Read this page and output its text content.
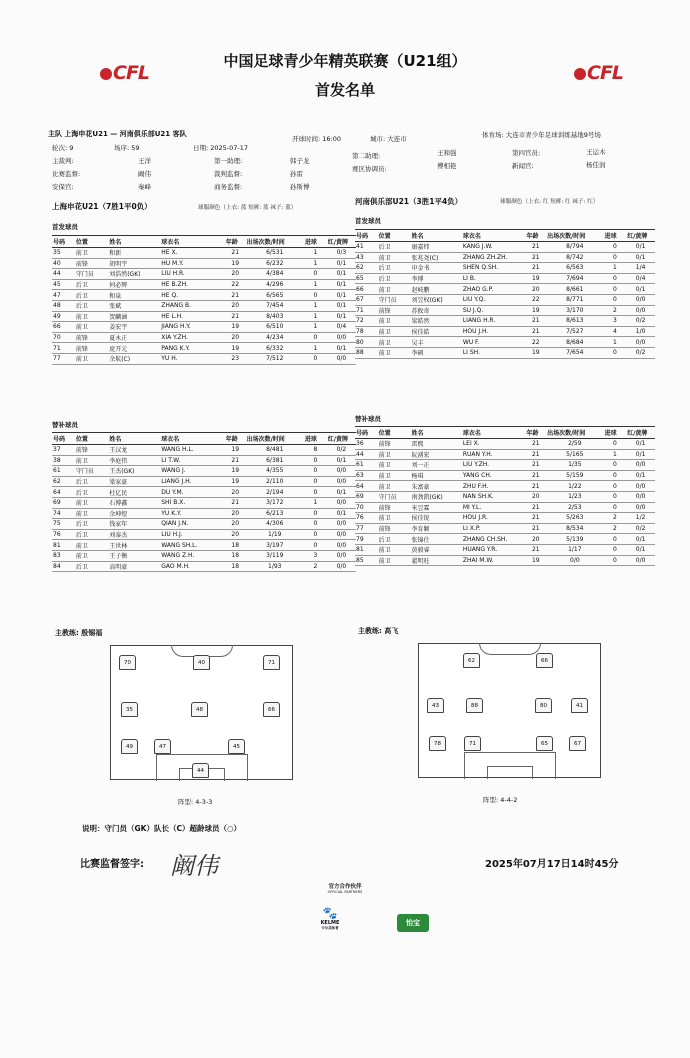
CFL	CFL
中国足球青少年精英联赛（U21组）
首发名单
主队 上海申花U21 — 河南俱乐部U21 客队	体育场: 大连市青少年足球训练基地9号场
轮次: 9	场序: 59	日期: 2025-07-17
开球时间: 16:00	城市: 大连市
主裁判:	王洋	第一助理:	韩子龙
第二助理:	王和强	第四官员:	王运木
比赛监督:	阚伟	裁判监督:	孙雷
赛区协调员:	傅相艳	新闻官:	杨佳润
安保官:	秦峰	商务监督:	孙斯博
上海申花U21（7胜1平0负）	球服颜色（上衣: 蓝 短裤: 蓝 袜子: 蓝）
河南俱乐部U21（3胜1平4负）	球服颜色（上衣: 红 短裤: 红 袜子: 红）
首发球员
首发球员
替补球员
替补球员
号码	位置	姓名	球衣名	年龄	出场次数/时间	进球	红/黄牌
35	前卫	和新	HE X.	21	6/531	1	0/3
40	前锋	胡明宇	HU M.Y.	19	6/232	1	0/1
44	守门员	刘浩然(GK)	LIU H.R.	20	4/384	0	0/1
45	后卫	何必辉	HE B.ZH.	22	4/296	1	0/1
47	后卫	和泉	HE Q.	21	6/565	0	0/1
48	后卫	张斌	ZHANG B.	20	7/454	1	0/1
49	前卫	贺麟涵	HE L.H.	21	8/403	1	0/1
66	前卫	姜宏宇	JIANG H.Y.	19	6/510	1	0/4
70	前锋	夏永正	XIA Y.ZH.	20	4/234	0	0/0
71	前锋	庞开元	PANG K.Y.	19	6/332	1	0/1
77	前卫	余航(C)	YU H.	23	7/512	0	0/0
号码	位置	姓名	球衣名	年龄	出场次数/时间	进球	红/黄牌
37	前锋	王汉龙	WANG H.L.	19	8/481	8	0/2
38	前卫	李庭伟	LI T.W.	21	6/381	0	0/1
61	守门员	王杰(GK)	WANG J.	19	4/355	0	0/0
62	后卫	梁家豪	LIANG J.H.	19	2/110	0	0/0
64	后卫	杜亿民	DU Y.M.	20	2/194	0	0/1
69	前卫	石博鑫	SHI B.X.	21	3/172	1	0/0
74	前卫	余坤煜	YU K.Y.	20	6/213	0	0/1
75	后卫	钱家年	QIAN J.N.	20	4/306	0	0/0
76	后卫	刘泰杰	LIU H.J.	20	1/19	0	0/0
81	前卫	王世林	WANG SH.L.	18	3/197	0	0/0
83	前卫	王子衡	WANG Z.H.	18	3/119	3	0/0
84	后卫	高明豪	GAO M.H.	18	1/93	2	0/0
号码	位置	姓名	球衣名	年龄	出场次数/时间	进球	红/黄牌
41	后卫	康嘉炜	KANG J.W.	21	8/794	0	0/1
43	前卫	张兆尧(C)	ZHANG ZH.ZH.	21	8/742	0	0/1
62	后卫	申金书	SHEN Q.SH.	21	6/563	1	1/4
65	后卫	李博	LI B.	19	7/694	0	0/4
66	前卫	赵岐鹏	ZHAO G.P.	20	8/661	0	0/1
67	守门员	刘昱权(GK)	LIU Y.Q.	22	8/771	0	0/0
71	前锋	苏攸奇	SU J.Q.	19	3/170	2	0/0
72	前卫	梁皓然	LIANG H.R.	21	8/613	3	0/2
78	前卫	侯佳皓	HOU J.H.	21	7/527	4	1/0
80	前卫	吴丰	WU F.	22	8/684	1	0/0
88	前卫	李硕	LI SH.	19	7/654	0	0/2
号码	位置	姓名	球衣名	年龄	出场次数/时间	进球	红/黄牌
36	前锋	雷熙	LEI X.	21	2/59	0	0/1
44	前卫	阮湧宏	RUAN Y.H.	21	5/165	1	0/1
61	前卫	刘一正	LIU Y.ZH.	21	1/35	0	0/0
63	前卫	杨琪	YANG CH.	21	5/159	0	0/1
64	前卫	朱富豪	ZHU F.H.	21	1/22	0	0/0
69	守门员	南劲凯(GK)	NAN SH.K.	20	1/23	0	0/0
70	前锋	米昱霖	MI Y.L.	21	2/53	0	0/0
76	前卫	侯佳锐	HOU J.R.	21	5/263	2	1/2
77	前锋	李育颖	LI X.P.	21	8/534	2	0/2
79	后卫	张锦仕	ZHANG CH.SH.	20	5/139	0	0/1
81	前卫	黄毅睿	HUANG Y.R.	21	1/17	0	0/1
85	前卫	翟明旺	ZHAI M.W.	19	0/0	0	0/0
主教练: 殷锡福	主教练: 高飞
70	40	71
35	48	66
49	47	45
44
62	66
43	88	80	41
78	71	65	67
阵型: 4-3-3	阵型: 4-4-2
说明：守门员（GK）队长（C）超龄球员（○）
比赛监督签字: 阚伟	2025年07月17日14时45分
官方合作伙伴
OFFICIAL PARTNERS
🐾
KELME
卡尔美体育
怡宝
